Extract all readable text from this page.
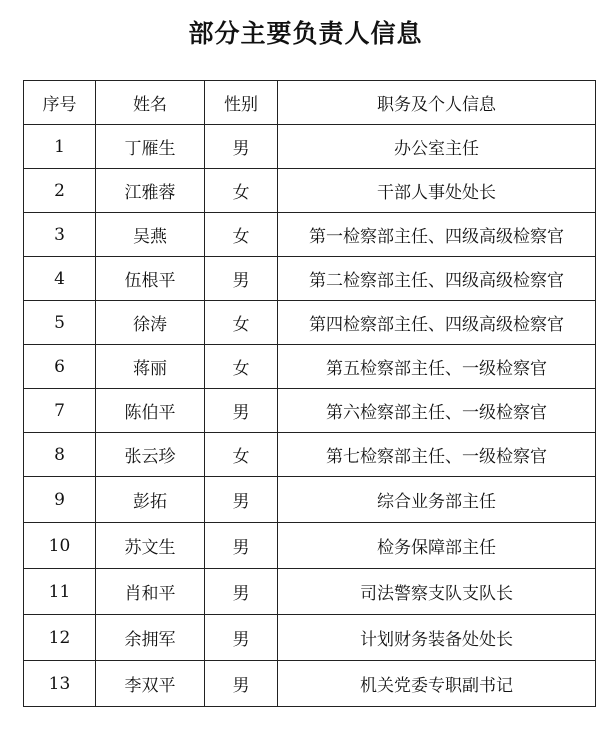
部分主要负责人信息
序号	姓名	性别	职务及个人信息
1	丁雁生	男	办公室主任
2	江雅蓉	女	干部人事处处长
3	吴燕	女	第一检察部主任、四级高级检察官
4	伍根平	男	第二检察部主任、四级高级检察官
5	徐涛	女	第四检察部主任、四级高级检察官
6	蒋丽	女	第五检察部主任、一级检察官
7	陈伯平	男	第六检察部主任、一级检察官
8	张云珍	女	第七检察部主任、一级检察官
9	彭拓	男	综合业务部主任
10	苏文生	男	检务保障部主任
11	肖和平	男	司法警察支队支队长
12	余拥军	男	计划财务装备处处长
13	李双平	男	机关党委专职副书记
